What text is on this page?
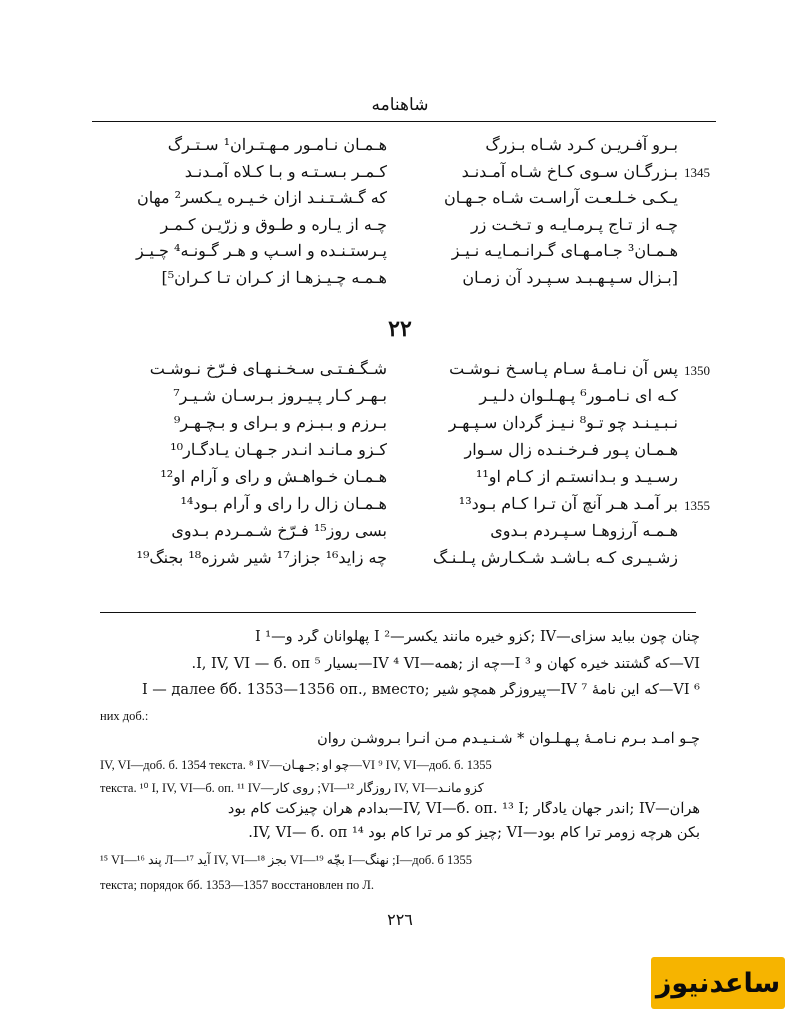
شاهنامه
1345
1350
1355
٢٢
٢٢٦
ساعدنیوز
بـرو آفـريـن كـرد شـاه بـزرگ
بـزرگـان سـوى كـاخ شـاه آمـدنـد
يـكـى خـلـعـت آراسـت شـاه جـهـان
چـه از تـاج پـرمـايـه و تـخـت زر
هـمـان³ جـامـهـاى گـرانـمـايـه نـيـز
[بـزال سـپـهـبـد سـپـرد آن زمـان
هـمـان نـامـور مـهـتـران¹ سـتـرگ
كـمـر بـسـتـه و بـا كـلاه آمـدنـد
كه گـشـتـنـد ازان خـيـره يـكسر² مهان
چـه از يـاره و طـوق و زرّيـن كـمـر
پـرستـنـده و اسـپ و هـر گـونـه⁴ چـيـز
هـمـه چـيـزهـا از كـران تـا كـران⁵]
پس آن نـامـهٔ سـام پـاسـخ نـوشـت
كـه اى نـامـور⁶ پـهـلـوان دلـيـر
نـبـيـنـد چو تـو⁸ نـيـز گردان سـپـهـر
هـمـان پـور فـرخـنـده زال سـوار
رسـيـد و بـدانستـم از كـام او¹¹
بر آمـد هـر آنچ آن تـرا كـام بـود¹³
هـمـه آرزوهـا سـپـردم بـدوى
زشـيـرى كـه بـاشـد شـكـارش پـلـنـگ
شـگـفـتـى سـخـنـهـاى فـرّخ نـوشـت
بـهـر كـار پـيـروز بـرسـان شـيـر⁷
بـرزم و بـبـزم و بـراى و بـچـهـر⁹
كـزو مـانـد انـدر جـهـان يـادگـار¹⁰
هـمـان خـواهـش و راى و آرام او¹²
هـمـان زال را راى و آرام بـود¹⁴
بسى روز¹⁵ فـرّخ شـمـردم بـدوى
چه زايد¹⁶ جزاز¹⁷ شير شرزه¹⁸ بجنگ¹⁹
چنان چون ببايد سزاى—IV ;كزو خيره مانند يكسر—I ² پهلوانان گرد و—I ¹
VI—كه گشتند خيره كهان و ³ I—چه از ;همه—IV ⁴ VI—بسيار ⁵ I, IV, VI — б. оп.
⁶ VI—كه اين نامهٔ ⁷ IV—پيروزگر همچو شير ;I — далее бб. 1353—1356 оп., вместо
них доб.:
چـو آمـد بـرم نـامـهٔ پـهـلـوان * شـنـيـدم مـن آنـرا بـروشـن روان
IV, VI—доб. б. 1354 текста. ⁸ IV—چو او ;جـهـان—VI ⁹ IV, VI—доб. б. 1355
текста. ¹⁰ I, IV, VI—б. оп. ¹¹ IV—روى كار ;VI—روزگار ¹² IV, VI—كزو مانـد
هرآن—IV ;اندر جهان يادگار ;IV, VI—б. оп. ¹³ I—بدادم هران چيزكت كام بود
بكن هرچه زومر ترا كام بود—VI ;چيز كو مر ترا كام بود ¹⁴ IV, VI— б. оп.
¹⁵ VI—پند ¹⁶ Л—آيد ¹⁷ IV, VI—بجز ¹⁸ VI—بچّه ¹⁹ I—نهنگ ;I—доб. б 1355
текста; порядок бб. 1353—1357 восстановлен по Л.
